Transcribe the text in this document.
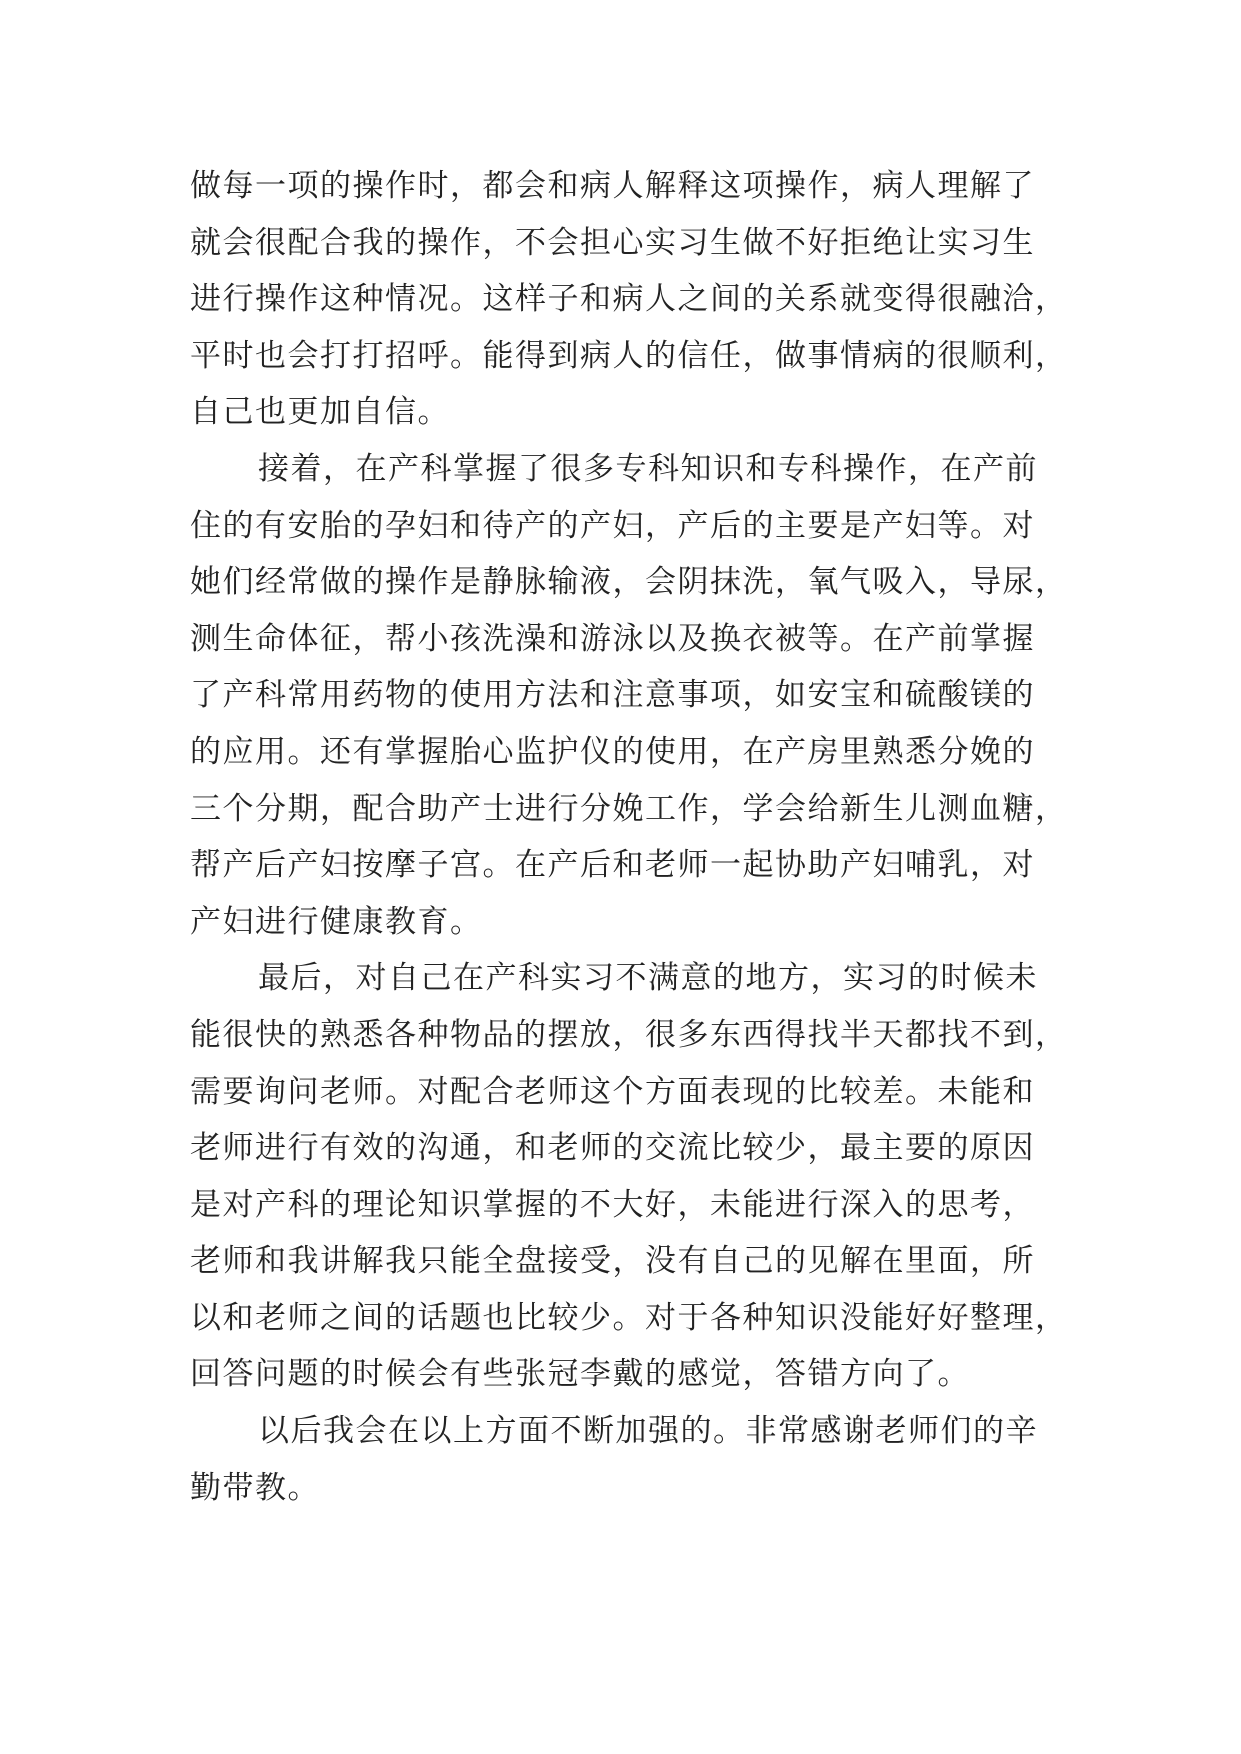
做每一项的操作时，都会和病人解释这项操作，病人理解了
就会很配合我的操作，不会担心实习生做不好拒绝让实习生
进行操作这种情况。这样子和病人之间的关系就变得很融洽，
平时也会打打招呼。能得到病人的信任，做事情病的很顺利，
自己也更加自信。
接着，在产科掌握了很多专科知识和专科操作，在产前
住的有安胎的孕妇和待产的产妇，产后的主要是产妇等。对
她们经常做的操作是静脉输液，会阴抹洗，氧气吸入，导尿，
测生命体征，帮小孩洗澡和游泳以及换衣被等。在产前掌握
了产科常用药物的使用方法和注意事项，如安宝和硫酸镁的
的应用。还有掌握胎心监护仪的使用，在产房里熟悉分娩的
三个分期，配合助产士进行分娩工作，学会给新生儿测血糖，
帮产后产妇按摩子宫。在产后和老师一起协助产妇哺乳，对
产妇进行健康教育。
最后，对自己在产科实习不满意的地方，实习的时候未
能很快的熟悉各种物品的摆放，很多东西得找半天都找不到，
需要询问老师。对配合老师这个方面表现的比较差。未能和
老师进行有效的沟通，和老师的交流比较少，最主要的原因
是对产科的理论知识掌握的不大好，未能进行深入的思考，
老师和我讲解我只能全盘接受，没有自己的见解在里面，所
以和老师之间的话题也比较少。对于各种知识没能好好整理，
回答问题的时候会有些张冠李戴的感觉，答错方向了。
以后我会在以上方面不断加强的。非常感谢老师们的辛
勤带教。
